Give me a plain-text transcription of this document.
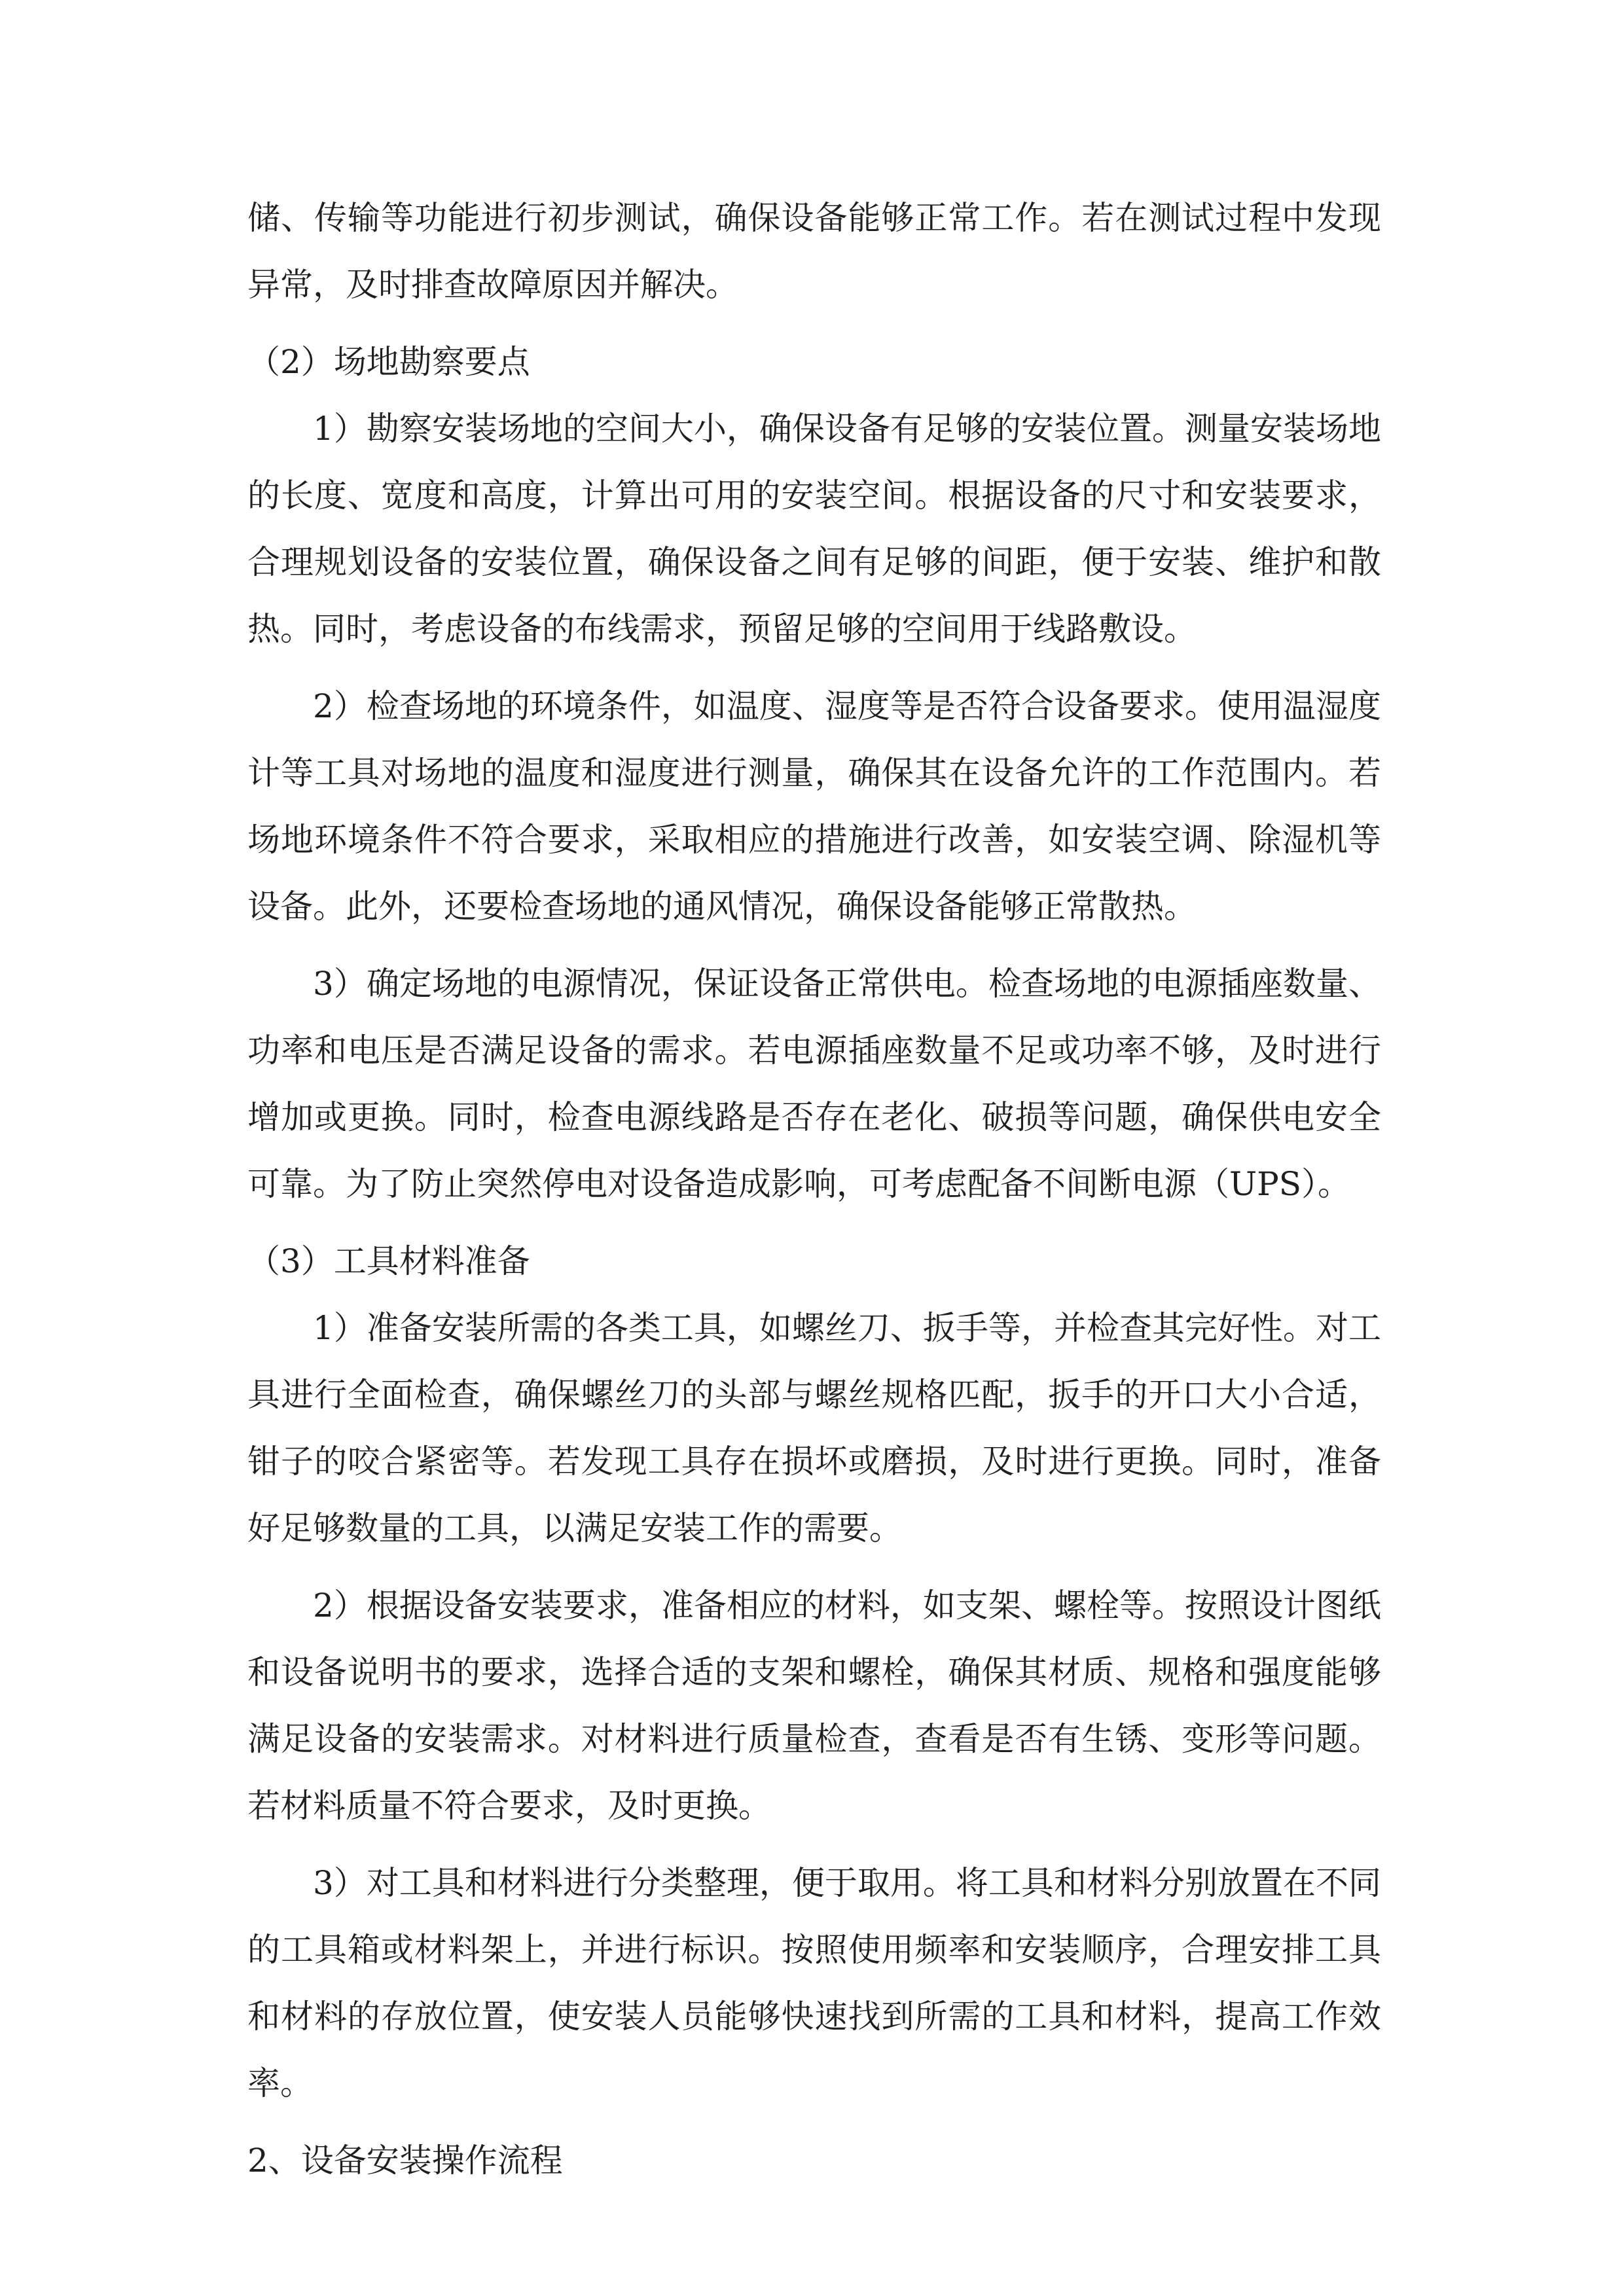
储、传输等功能进行初步测试，确保设备能够正常工作。若在测试过程中发现异常，及时排查故障原因并解决。

（2）场地勘察要点

1）勘察安装场地的空间大小，确保设备有足够的安装位置。测量安装场地的长度、宽度和高度，计算出可用的安装空间。根据设备的尺寸和安装要求，合理规划设备的安装位置，确保设备之间有足够的间距，便于安装、维护和散热。同时，考虑设备的布线需求，预留足够的空间用于线路敷设。

2）检查场地的环境条件，如温度、湿度等是否符合设备要求。使用温湿度计等工具对场地的温度和湿度进行测量，确保其在设备允许的工作范围内。若场地环境条件不符合要求，采取相应的措施进行改善，如安装空调、除湿机等设备。此外，还要检查场地的通风情况，确保设备能够正常散热。

3）确定场地的电源情况，保证设备正常供电。检查场地的电源插座数量、功率和电压是否满足设备的需求。若电源插座数量不足或功率不够，及时进行增加或更换。同时，检查电源线路是否存在老化、破损等问题，确保供电安全可靠。为了防止突然停电对设备造成影响，可考虑配备不间断电源（UPS）。

（3）工具材料准备

1）准备安装所需的各类工具，如螺丝刀、扳手等，并检查其完好性。对工具进行全面检查，确保螺丝刀的头部与螺丝规格匹配，扳手的开口大小合适，钳子的咬合紧密等。若发现工具存在损坏或磨损，及时进行更换。同时，准备好足够数量的工具，以满足安装工作的需要。

2）根据设备安装要求，准备相应的材料，如支架、螺栓等。按照设计图纸和设备说明书的要求，选择合适的支架和螺栓，确保其材质、规格和强度能够满足设备的安装需求。对材料进行质量检查，查看是否有生锈、变形等问题。若材料质量不符合要求，及时更换。

3）对工具和材料进行分类整理，便于取用。将工具和材料分别放置在不同的工具箱或材料架上，并进行标识。按照使用频率和安装顺序，合理安排工具和材料的存放位置，使安装人员能够快速找到所需的工具和材料，提高工作效率。

2、设备安装操作流程
